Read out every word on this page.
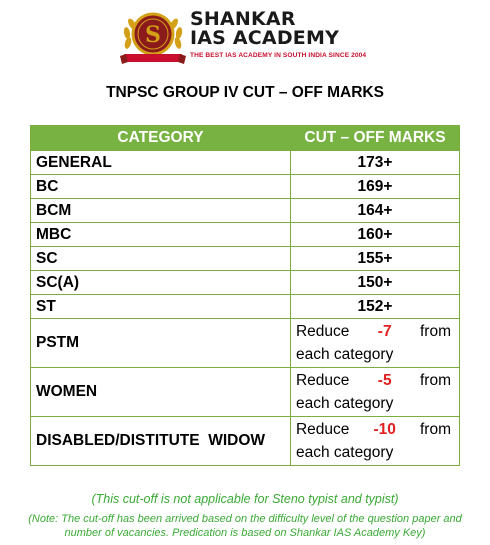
S
SHANKAR
IAS ACADEMY
THE BEST IAS ACADEMY IN SOUTH INDIA SINCE 2004
TNPSC GROUP IV CUT – OFF MARKS
CATEGORY	CUT – OFF MARKS
GENERAL	173+
BC	169+
BCM	164+
MBC	160+
SC	155+
SC(A)	150+
ST	152+
PSTM	Reduce -7 from
each category

WOMEN	Reduce -5 from
each category

DISABLED/DISTITUTE  WIDOW	Reduce -10 from
each category
(This cut-off is not applicable for Steno typist and typist)
(Note: The cut-off has been arrived based on the difficulty level of the question paper and
number of vacancies. Predication is based on Shankar IAS Academy Key)
